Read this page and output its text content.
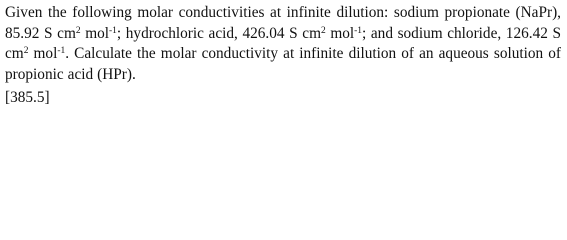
Given the following molar conductivities at infinite dilution: sodium propionate (NaPr), 85.92 S $cm^2$ mol$^{-1}$; hydrochloric acid, 426.04 S $cm^2$ mol$^{-1}$; and sodium chloride, 126.42 S $cm^2$ mol$^{-1}$. Calculate the molar conductivity at infinite dilution of an aqueous solution of propionic acid (HPr).

[385.5]
